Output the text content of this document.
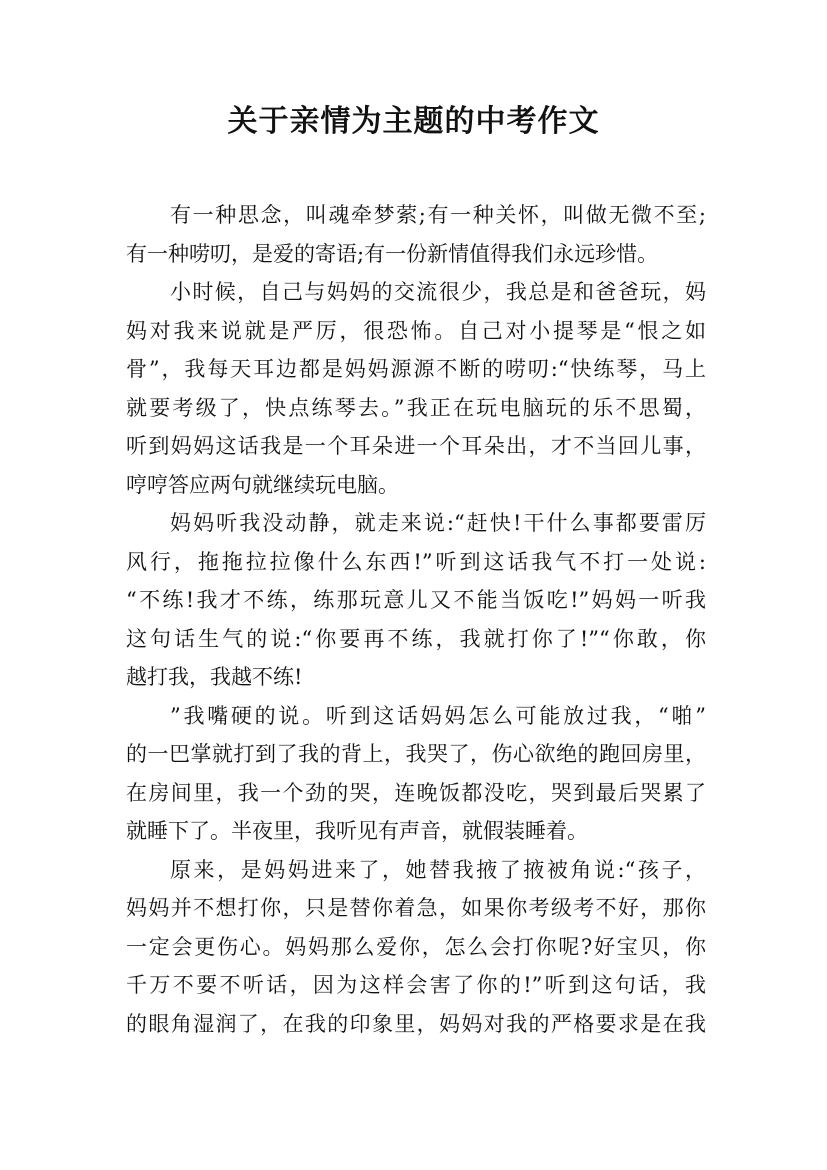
关于亲情为主题的中考作文
有一种思念，叫魂牵梦萦;有一种关怀，叫做无微不至;
有一种唠叨，是爱的寄语;有一份新情值得我们永远珍惜。
小时候，自己与妈妈的交流很少，我总是和爸爸玩，妈
妈对我来说就是严厉，很恐怖。自己对小提琴是“恨之如
骨”，我每天耳边都是妈妈源源不断的唠叨:“快练琴，马上
就要考级了，快点练琴去。”我正在玩电脑玩的乐不思蜀，
听到妈妈这话我是一个耳朵进一个耳朵出，才不当回儿事，
哼哼答应两句就继续玩电脑。
妈妈听我没动静，就走来说:“赶快!干什么事都要雷厉
风行，拖拖拉拉像什么东西!”听到这话我气不打一处说:
“不练!我才不练，练那玩意儿又不能当饭吃!”妈妈一听我
这句话生气的说:“你要再不练，我就打你了!”“你敢，你
越打我，我越不练!
”我嘴硬的说。听到这话妈妈怎么可能放过我，“啪”
的一巴掌就打到了我的背上，我哭了，伤心欲绝的跑回房里，
在房间里，我一个劲的哭，连晚饭都没吃，哭到最后哭累了
就睡下了。半夜里，我听见有声音，就假装睡着。
原来，是妈妈进来了，她替我掖了掖被角说:“孩子，
妈妈并不想打你，只是替你着急，如果你考级考不好，那你
一定会更伤心。妈妈那么爱你，怎么会打你呢?好宝贝，你
千万不要不听话，因为这样会害了你的!”听到这句话，我
的眼角湿润了，在我的印象里，妈妈对我的严格要求是在我
